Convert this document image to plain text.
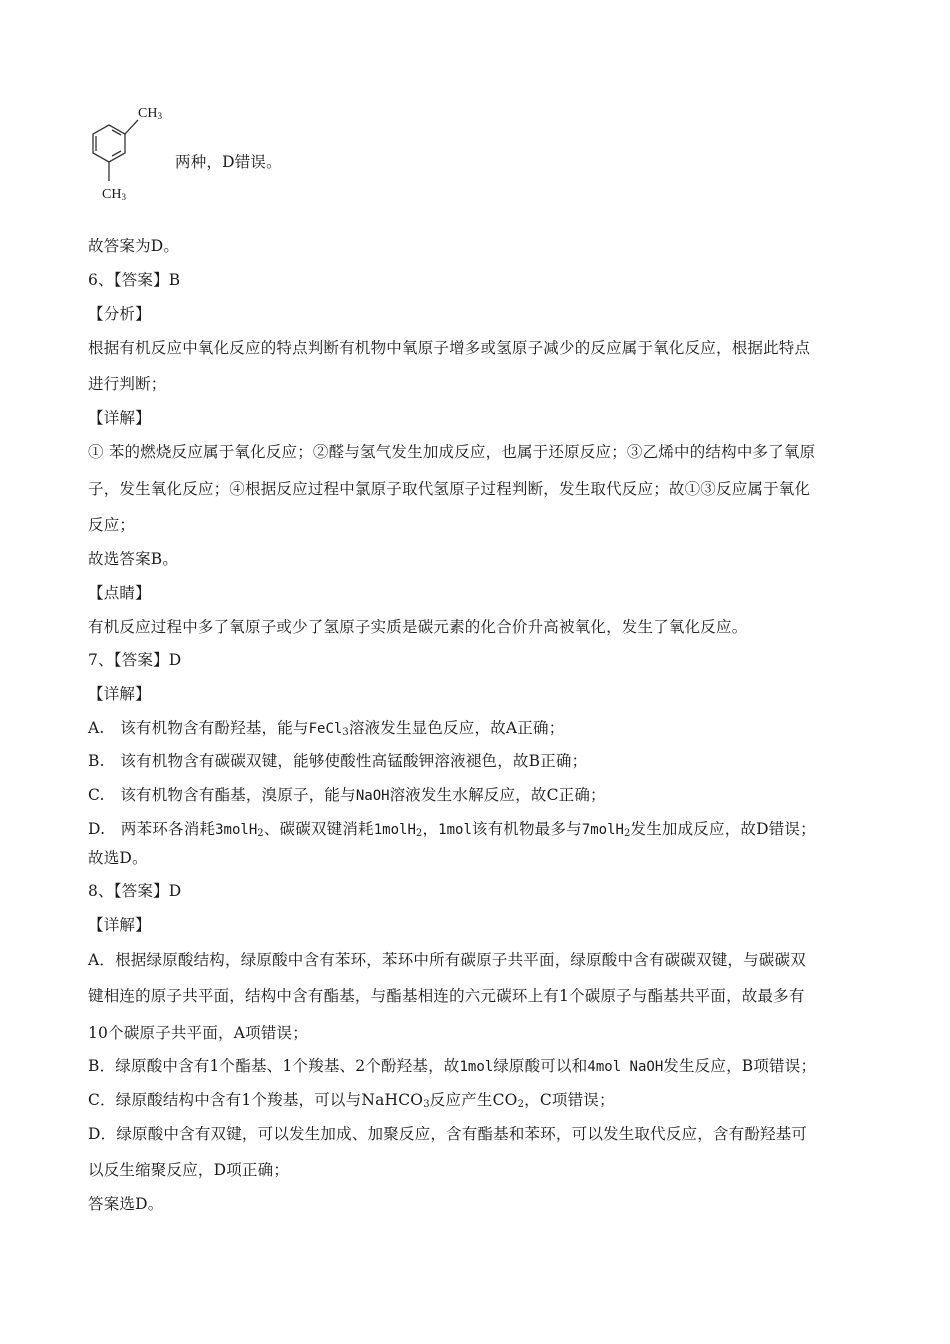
$CH_3$
$CH_3$
两种，D错误。
故答案为D。
6、【答案】B
【分析】
根据有机反应中氧化反应的特点判断有机物中氧原子增多或氢原子减少的反应属于氧化反应，根据此特点
进行判断；
【详解】
① 苯的燃烧反应属于氧化反应；②醛与氢气发生加成反应，也属于还原反应；③乙烯中的结构中多了氧原
子，发生氧化反应；④根据反应过程中氯原子取代氢原子过程判断，发生取代反应；故①③反应属于氧化
反应；
故选答案B。
【点睛】
有机反应过程中多了氧原子或少了氢原子实质是碳元素的化合价升高被氧化，发生了氧化反应。
7、【答案】D
【详解】
A.　该有机物含有酚羟基，能与FeCl$_3$溶液发生显色反应，故A正确；
B.　该有机物含有碳碳双键，能够使酸性高锰酸钾溶液褪色，故B正确；
C.　该有机物含有酯基，溴原子，能与NaOH溶液发生水解反应，故C正确；
D.　两苯环各消耗3molH$_2$、碳碳双键消耗1molH$_2$，1mol该有机物最多与7molH$_2$发生加成反应，故D错误；
故选D。
8、【答案】D
【详解】
A．根据绿原酸结构，绿原酸中含有苯环，苯环中所有碳原子共平面，绿原酸中含有碳碳双键，与碳碳双
键相连的原子共平面，结构中含有酯基，与酯基相连的六元碳环上有1个碳原子与酯基共平面，故最多有
10个碳原子共平面，A项错误；
B．绿原酸中含有1个酯基、1个羧基、2个酚羟基，故1mol绿原酸可以和4mol NaOH发生反应，B项错误；
C．绿原酸结构中含有1个羧基，可以与NaHCO$_3$反应产生$CO_2$，C项错误；
D．绿原酸中含有双键，可以发生加成、加聚反应，含有酯基和苯环，可以发生取代反应，含有酚羟基可
以反生缩聚反应，D项正确；
答案选D。
